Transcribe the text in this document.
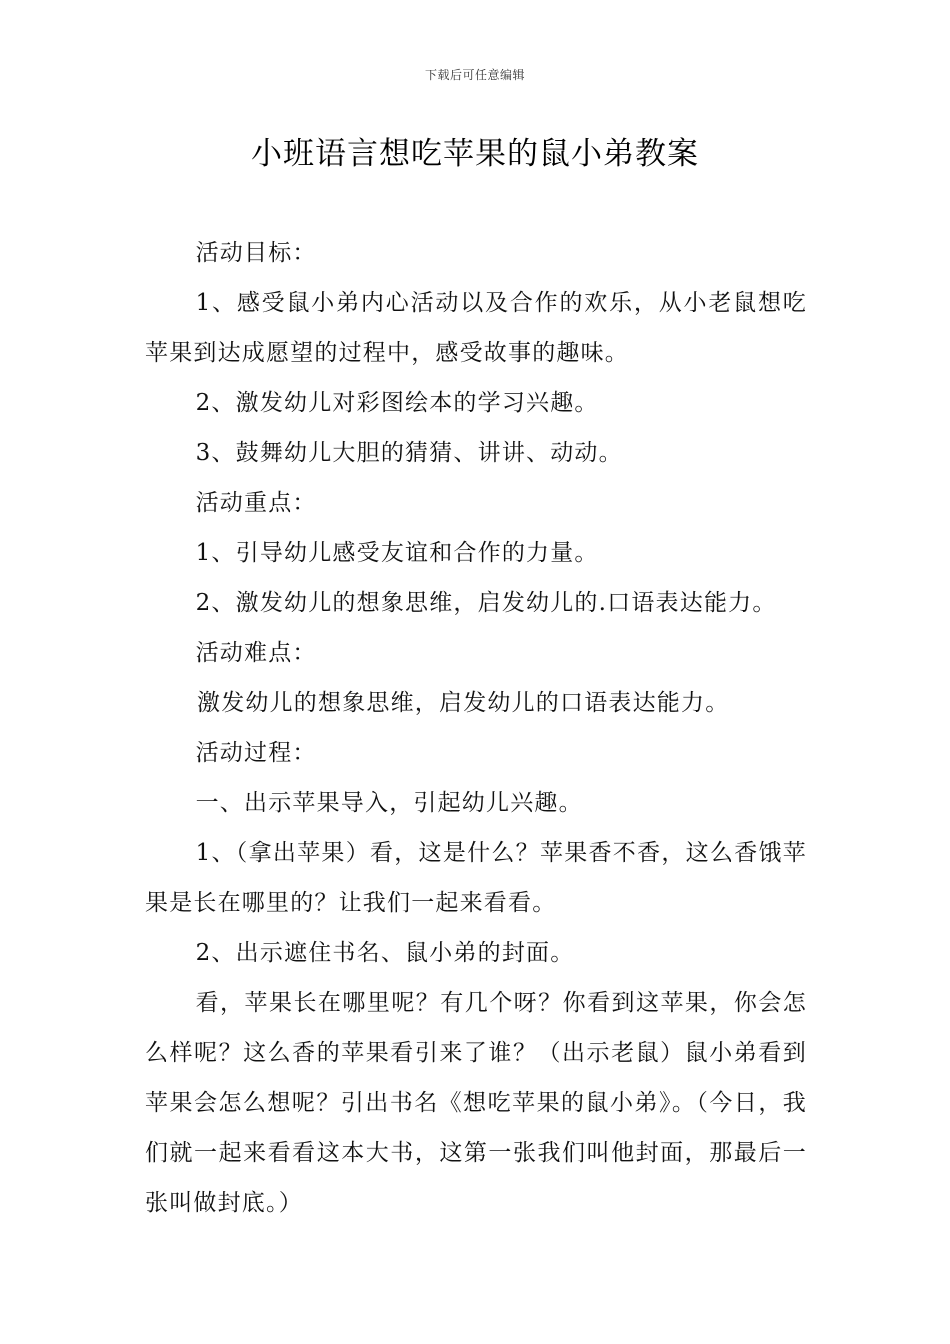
下载后可任意编辑
小班语言想吃苹果的鼠小弟教案

活动目标：

1、感受鼠小弟内心活动以及合作的欢乐，从小老鼠想吃苹果到达成愿望的过程中，感受故事的趣味。

2、激发幼儿对彩图绘本的学习兴趣。

3、鼓舞幼儿大胆的猜猜、讲讲、动动。

活动重点：

1、引导幼儿感受友谊和合作的力量。

2、激发幼儿的想象思维，启发幼儿的.口语表达能力。

活动难点：

激发幼儿的想象思维，启发幼儿的口语表达能力。

活动过程：

一、出示苹果导入，引起幼儿兴趣。

1、（拿出苹果）看，这是什么？苹果香不香，这么香饿苹果是长在哪里的？让我们一起来看看。

2、出示遮住书名、鼠小弟的封面。

看，苹果长在哪里呢？有几个呀？你看到这苹果，你会怎么样呢？这么香的苹果看引来了谁？（出示老鼠）鼠小弟看到苹果会怎么想呢？引出书名《想吃苹果的鼠小弟》。（今日，我们就一起来看看这本大书，这第一张我们叫他封面，那最后一张叫做封底。）
